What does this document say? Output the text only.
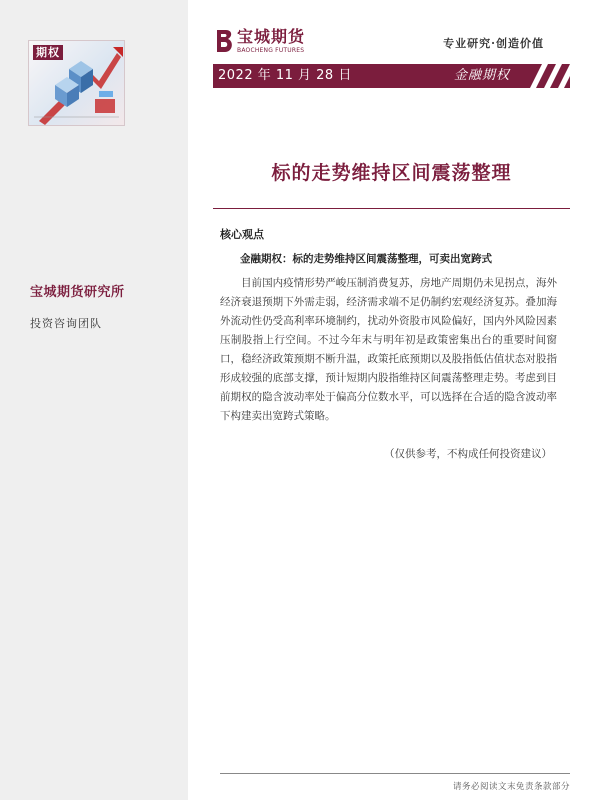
期权
宝城期货研究所
投资咨询团队
宝城期货
BAOCHENG FUTURES
专业研究·创造价值
2022 年 11 月 28 日	金融期权
标的走势维持区间震荡整理
核心观点
金融期权：标的走势维持区间震荡整理，可卖出宽跨式

目前国内疫情形势严峻压制消费复苏，房地产周期仍未见拐点，海外经济衰退预期下外需走弱，经济需求端不足仍制约宏观经济复苏。叠加海外流动性仍受高利率环境制约，扰动外资股市风险偏好，国内外风险因素压制股指上行空间。不过今年末与明年初是政策密集出台的重要时间窗口，稳经济政策预期不断升温，政策托底预期以及股指低估值状态对股指形成较强的底部支撑，预计短期内股指维持区间震荡整理走势。考虑到目前期权的隐含波动率处于偏高分位数水平，可以选择在合适的隐含波动率下构建卖出宽跨式策略。

（仅供参考，不构成任何投资建议）
请务必阅读文末免责条款部分
